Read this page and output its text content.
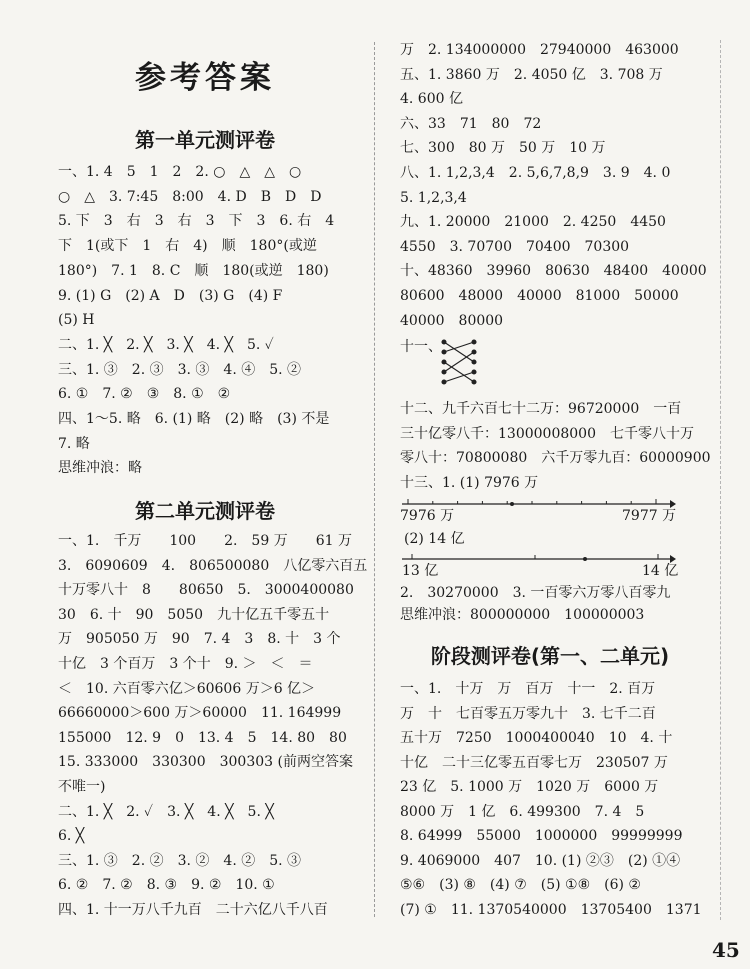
参考答案
第一单元测评卷
一、1. 4　5　1　2　2. ○　△　△　○
○　△　3. 7:45　8:00　4. D　B　D　D
5. 下　3　右　3　右　3　下　3　6. 右　4
下　1(或下　1　右　4)　顺　180°(或逆
180°)　7. 1　8. C　顺　180(或逆　180)
9. (1) G　(2) A　D　(3) G　(4) F
(5) H
二、1. ╳　2. ╳　3. ╳　4. ╳　5. ✓
三、1. ③　2. ③　3. ③　4. ④　5. ②
6. ①　7. ②　③　8. ①　②
四、1～5. 略　6. (1) 略　(2) 略　(3) 不是
7. 略
思维冲浪：略
第二单元测评卷
一、1.　千万　　100　　2.　59 万　　61 万
3.　6090609　4.　806500080　八亿零六百五
十万零八十　8　　80650　5.　3000400080
30　6. 十　90　5050　九十亿五千零五十
万　905050 万　90　7. 4　3　8. 十　3 个
十亿　3 个百万　3 个十　9. ＞　＜　＝
＜　10. 六百零六亿＞60606 万＞6 亿＞
66660000＞600 万＞60000　11. 164999
155000　12. 9　0　13. 4　5　14. 80　80
15. 333000　330300　300303 (前两空答案
不唯一)
二、1. ╳　2. ✓　3. ╳　4. ╳　5. ╳
6. ╳
三、1. ③　2. ②　3. ②　4. ②　5. ③
6. ②　7. ②　8. ③　9. ②　10. ①
四、1. 十一万八千九百　二十六亿八千八百
万　2. 134000000　27940000　463000
五、1. 3860 万　2. 4050 亿　3. 708 万
4. 600 亿
六、33　71　80　72
七、300　80 万　50 万　10 万
八、1. 1,2,3,4　2. 5,6,7,8,9　3. 9　4. 0
5. 1,2,3,4
九、1. 20000　21000　2. 4250　4450
4550　3. 70700　70400　70300
十、48360　39960　80630　48400　40000
80600　48000　40000　81000　50000
40000　80000
十一、
十二、九千六百七十二万：96720000　一百
三十亿零八千：13000008000　七千零八十万
零八十：70800080　六千万零九百：60000900
十三、1. (1) 7976 万
7976 万	7977 万
(2) 14 亿
13 亿	14 亿
2.　30270000　3. 一百零六万零八百零九
思维冲浪：800000000　100000003
阶段测评卷(第一、二单元)
一、1.　十万　万　百万　十一　2. 百万
万　十　七百零五万零九十　3. 七千二百
五十万　7250　1000400040　10　4. 十
十亿　二十三亿零五百零七万　230507 万
23 亿　5. 1000 万　1020 万　6000 万
8000 万　1 亿　6. 499300　7. 4　5
8. 64999　55000　1000000　99999999
9. 4069000　407　10. (1) ②③　(2) ①④
⑤⑥　(3) ⑧　(4) ⑦　(5) ①⑧　(6) ②
(7) ①　11. 1370540000　13705400　1371
45
